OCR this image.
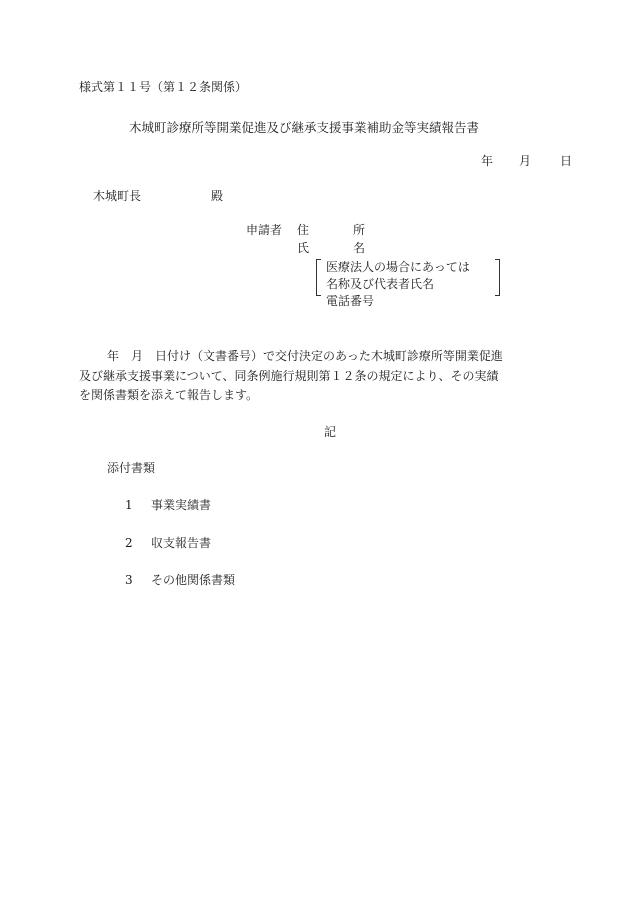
様式第１１号（第１２条関係）
木城町診療所等開業促進及び継承支援事業補助金等実績報告書
年 月 日
木城町長	殿
申請者 住	所
氏	名
医療法人の場合にあっては
名称及び代表者氏名
電話番号
年　月　日付け（文書番号）で交付決定のあった木城町診療所等開業促進
及び継承支援事業について、同条例施行規則第１２条の規定により、その実績
を関係書類を添えて報告します。
記
添付書類
1 事業実績書
2 収支報告書
3 その他関係書類
